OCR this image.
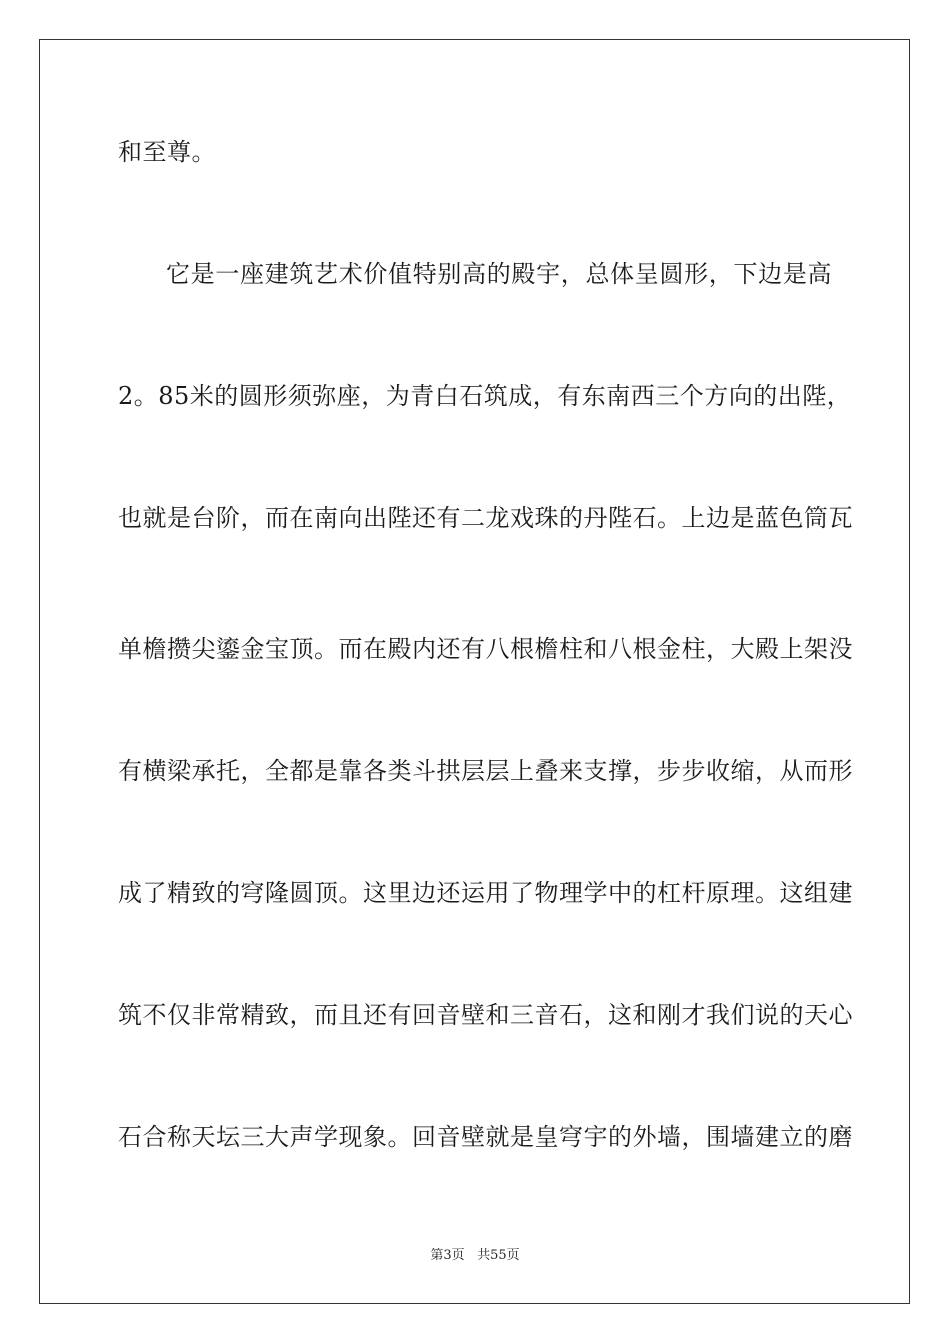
和至尊。
它是一座建筑艺术价值特别高的殿宇，总体呈圆形，下边是高
2。85米的圆形须弥座，为青白石筑成，有东南西三个方向的出陛，
也就是台阶，而在南向出陛还有二龙戏珠的丹陛石。上边是蓝色筒瓦
单檐攒尖鎏金宝顶。而在殿内还有八根檐柱和八根金柱，大殿上架没
有横梁承托，全都是靠各类斗拱层层上叠来支撑，步步收缩，从而形
成了精致的穹隆圆顶。这里边还运用了物理学中的杠杆原理。这组建
筑不仅非常精致，而且还有回音壁和三音石，这和刚才我们说的天心
石合称天坛三大声学现象。回音壁就是皇穹宇的外墙，围墙建立的磨
第3页 共55页
